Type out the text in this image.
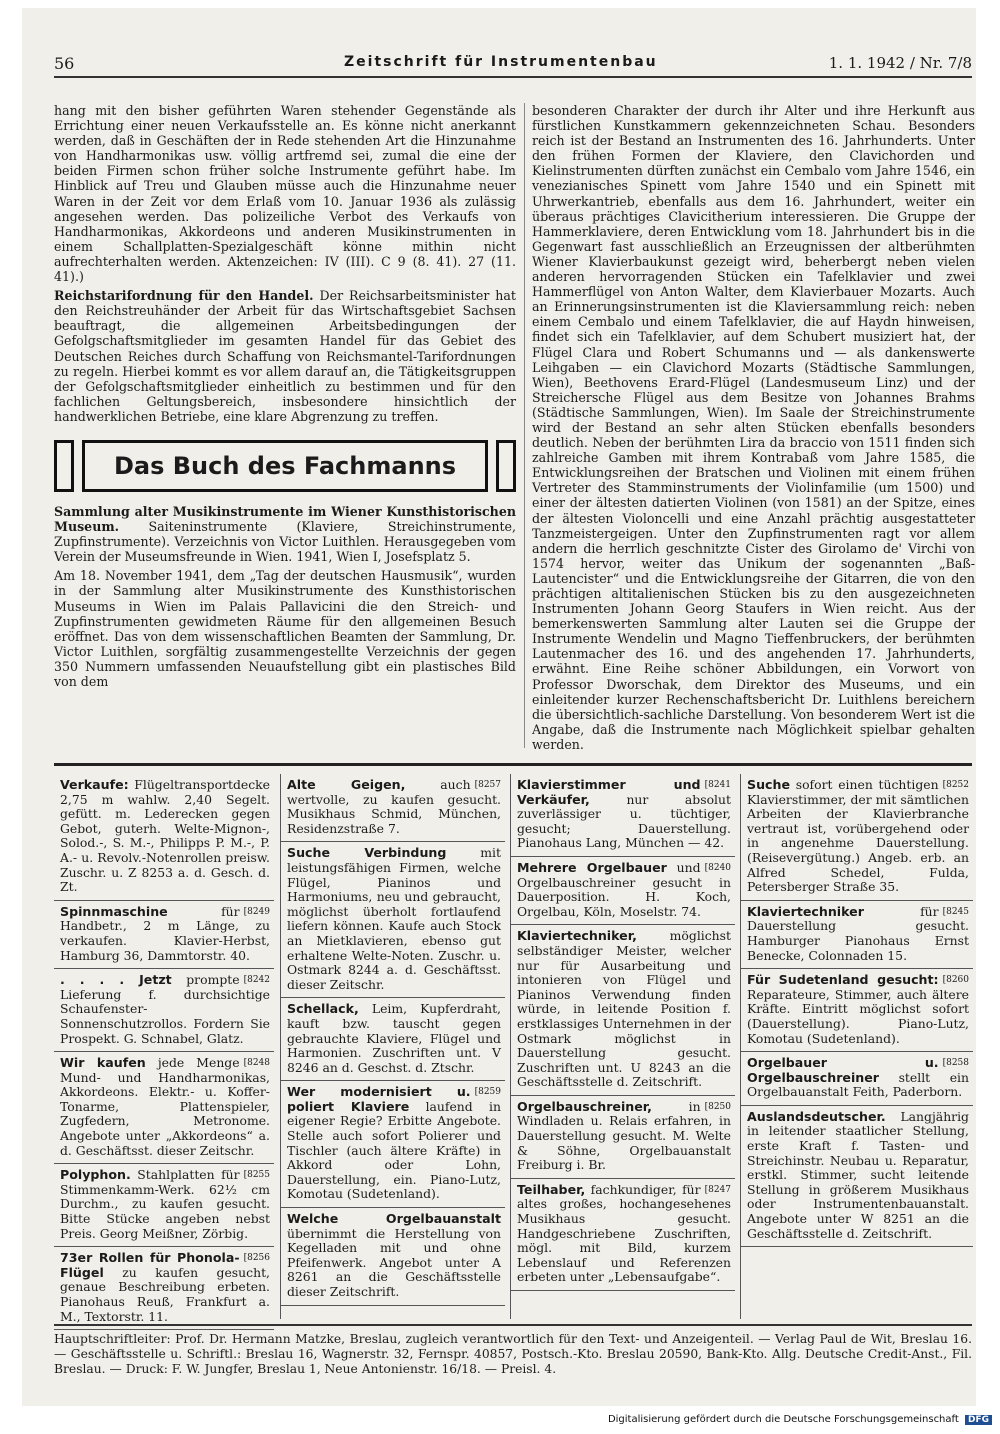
56	Zeitschrift für Instrumentenbau	1. 1. 1942 / Nr. 7/8

hang mit den bisher geführten Waren stehender Gegenstände als Errichtung einer neuen Verkaufsstelle an. Es könne nicht anerkannt werden, daß in Geschäften der in Rede stehenden Art die Hinzunahme von Handharmonikas usw. völlig artfremd sei, zumal die eine der beiden Firmen schon früher solche Instrumente geführt habe. Im Hinblick auf Treu und Glauben müsse auch die Hinzunahme neuer Waren in der Zeit vor dem Erlaß vom 10. Januar 1936 als zulässig angesehen werden. Das polizeiliche Verbot des Verkaufs von Handharmonikas, Akkordeons und anderen Musikinstrumenten in einem Schallplatten-Spezialgeschäft könne mithin nicht aufrechterhalten werden. Aktenzeichen: IV (III). C 9 (8. 41). 27 (11. 41).)

Reichstarifordnung für den Handel. Der Reichsarbeitsminister hat den Reichstreuhänder der Arbeit für das Wirtschaftsgebiet Sachsen beauftragt, die allgemeinen Arbeitsbedingungen der Gefolgschaftsmitglieder im gesamten Handel für das Gebiet des Deutschen Reiches durch Schaffung von Reichsmantel-Tarifordnungen zu regeln. Hierbei kommt es vor allem darauf an, die Tätigkeitsgruppen der Gefolgschaftsmitglieder einheitlich zu bestimmen und für den fachlichen Geltungsbereich, insbesondere hinsichtlich der handwerklichen Betriebe, eine klare Abgrenzung zu treffen.

Das Buch des Fachmanns

Sammlung alter Musikinstrumente im Wiener Kunsthistorischen Museum. Saiteninstrumente (Klaviere, Streichinstrumente, Zupfinstrumente). Verzeichnis von Victor Luithlen. Herausgegeben vom Verein der Museumsfreunde in Wien. 1941, Wien I, Josefsplatz 5.

Am 18. November 1941, dem „Tag der deutschen Hausmusik“, wurden in der Sammlung alter Musikinstrumente des Kunsthistorischen Museums in Wien im Palais Pallavicini die den Streich- und Zupfinstrumenten gewidmeten Räume für den allgemeinen Besuch eröffnet. Das von dem wissenschaftlichen Beamten der Sammlung, Dr. Victor Luithlen, sorgfältig zusammengestellte Verzeichnis der gegen 350 Nummern umfassenden Neuaufstellung gibt ein plastisches Bild von dem

besonderen Charakter der durch ihr Alter und ihre Herkunft aus fürstlichen Kunstkammern gekennzeichneten Schau. Besonders reich ist der Bestand an Instrumenten des 16. Jahrhunderts. Unter den frühen Formen der Klaviere, den Clavichorden und Kielinstrumenten dürften zunächst ein Cembalo vom Jahre 1546, ein venezianisches Spinett vom Jahre 1540 und ein Spinett mit Uhrwerkantrieb, ebenfalls aus dem 16. Jahrhundert, weiter ein überaus prächtiges Clavicitherium interessieren. Die Gruppe der Hammerklaviere, deren Entwicklung vom 18. Jahrhundert bis in die Gegenwart fast ausschließlich an Erzeugnissen der altberühmten Wiener Klavierbaukunst gezeigt wird, beherbergt neben vielen anderen hervorragenden Stücken ein Tafelklavier und zwei Hammerflügel von Anton Walter, dem Klavierbauer Mozarts. Auch an Erinnerungsinstrumenten ist die Klaviersammlung reich: neben einem Cembalo und einem Tafelklavier, die auf Haydn hinweisen, findet sich ein Tafelklavier, auf dem Schubert musiziert hat, der Flügel Clara und Robert Schumanns und — als dankenswerte Leihgaben — ein Clavichord Mozarts (Städtische Sammlungen, Wien), Beethovens Erard-Flügel (Landesmuseum Linz) und der Streichersche Flügel aus dem Besitze von Johannes Brahms (Städtische Sammlungen, Wien). Im Saale der Streichinstrumente wird der Bestand an sehr alten Stücken ebenfalls besonders deutlich. Neben der berühmten Lira da braccio von 1511 finden sich zahlreiche Gamben mit ihrem Kontrabaß vom Jahre 1585, die Entwicklungsreihen der Bratschen und Violinen mit einem frühen Vertreter des Stamminstruments der Violinfamilie (um 1500) und einer der ältesten datierten Violinen (von 1581) an der Spitze, eines der ältesten Violoncelli und eine Anzahl prächtig ausgestatteter Tanzmeistergeigen. Unter den Zupfinstrumenten ragt vor allem andern die herrlich geschnitzte Cister des Girolamo de' Virchi von 1574 hervor, weiter das Unikum der sogenannten „Baß-Lautencister“ und die Entwicklungsreihe der Gitarren, die von den prächtigen altitalienischen Stücken bis zu den ausgezeichneten Instrumenten Johann Georg Staufers in Wien reicht. Aus der bemerkenswerten Sammlung alter Lauten sei die Gruppe der Instrumente Wendelin und Magno Tieffenbruckers, der berühmten Lautenmacher des 16. und des angehenden 17. Jahrhunderts, erwähnt. Eine Reihe schöner Abbildungen, ein Vorwort von Professor Dworschak, dem Direktor des Museums, und ein einleitender kurzer Rechenschaftsbericht Dr. Luithlens bereichern die übersichtlich-sachliche Darstellung. Von besonderem Wert ist die Angabe, daß die Instrumente nach Möglichkeit spielbar gehalten werden.

Verkaufe: Flügeltransportdecke 2,75 m wahlw. 2,40 Segelt. gefütt. m. Lederecken gegen Gebot, guterh. Welte-Mignon-, Solod.-, S. M.-, Philipps P. M.-, P. A.- u. Revolv.-Notenrollen preisw. Zuschr. u. Z 8253 a. d. Gesch. d. Zt.
[8249
Spinnmaschine	für Handbetr., 2 m Länge, zu verkaufen. Klavier-Herbst, Hamburg 36, Dammtorstr. 40.
[8242
. . . . Jetzt prompte Lieferung f. durchsichtige Schaufenster-Sonnenschutzrollos. Fordern Sie Prospekt. G. Schnabel, Glatz.
[8248
Wir kaufen jede Menge Mund- und Handharmonikas, Akkordeons. Elektr.- u. Koffer-Tonarme, Plattenspieler, Zugfedern, Metronome. Angebote unter „Akkordeons“ a. d. Geschäftsst. dieser Zeitschr.
[8255
Polyphon. Stahlplatten für Stimmenkamm-Werk. 62½ cm Durchm., zu kaufen gesucht. Bitte Stücke angeben nebst Preis. Georg Meißner, Zörbig.
[8256
73er Rollen für Phonola-Flügel zu kaufen gesucht, genaue Beschreibung erbeten. Pianohaus Reuß, Frankfurt a. M., Textorstr. 11.
[8257
Alte Geigen,	auch wertvolle, zu kaufen gesucht. Musikhaus Schmid, München, Residenzstraße 7.
Suche Verbindung	mit leistungsfähigen Firmen, welche Flügel, Pianinos und Harmoniums, neu und gebraucht, möglichst überholt fortlaufend liefern können. Kaufe auch Stock an Mietklavieren, ebenso gut erhaltene Welte-Noten. Zuschr. u. Ostmark 8244 a. d. Geschäftsst. dieser Zeitschr.
Schellack, Leim, Kupferdraht, kauft bzw. tauscht gegen gebrauchte Klaviere, Flügel und Harmonien. Zuschriften unt. V 8246 an d. Geschst. d. Ztschr.
[8259
Wer modernisiert u. poliert Klaviere laufend in eigener Regie? Erbitte Angebote. Stelle auch sofort Polierer und Tischler (auch ältere Kräfte) in Akkord oder Lohn, Dauerstellung, ein. Piano-Lutz, Komotau (Sudetenland).
Welche Orgelbauanstalt übernimmt die Herstellung von Kegelladen mit und ohne Pfeifenwerk. Angebot unter A 8261 an die Geschäftsstelle dieser Zeitschrift.
[8241
Klavierstimmer und Verkäufer,	nur absolut zuverlässiger u. tüchtiger, gesucht; Dauerstellung. Pianohaus Lang, München — 42.
[8240
Mehrere Orgelbauer und Orgelbauschreiner gesucht in Dauerposition. H. Koch, Orgelbau, Köln, Moselstr. 74.
Klaviertechniker,	möglichst selbständiger Meister, welcher nur für Ausarbeitung und intonieren von Flügel und Pianinos Verwendung finden würde, in leitende Position f. erstklassiges Unternehmen in der Ostmark möglichst in Dauerstellung gesucht. Zuschriften unt. U 8243 an die Geschäftsstelle d. Zeitschrift.
[8250
Orgelbauschreiner,	in Windladen u. Relais erfahren, in Dauerstellung gesucht. M. Welte & Söhne, Orgelbauanstalt Freiburg i. Br.
[8247
Teilhaber, fachkundiger, für altes großes, hochangesehenes Musikhaus gesucht. Handgeschriebene Zuschriften, mögl. mit Bild, kurzem Lebenslauf und Referenzen erbeten unter „Lebensaufgabe“.
[8252
Suche sofort einen tüchtigen Klavierstimmer, der mit sämtlichen Arbeiten der Klavierbranche vertraut ist, vorübergehend oder in angenehme Dauerstellung. (Reisevergütung.) Angeb. erb. an Alfred Schedel, Fulda, Petersberger Straße 35.
[8245
Klaviertechniker	für Dauerstellung gesucht. Hamburger Pianohaus Ernst Benecke, Colonnaden 15.
[8260
Für Sudetenland gesucht: Reparateure, Stimmer, auch ältere Kräfte. Eintritt möglichst sofort (Dauerstellung). Piano-Lutz, Komotau (Sudetenland).
[8258
Orgelbauer u. Orgelbauschreiner stellt ein Orgelbauanstalt Feith, Paderborn.
Auslandsdeutscher. Langjährig in leitender staatlicher Stellung, erste Kraft f. Tasten- und Streichinstr. Neubau u. Reparatur, erstkl. Stimmer, sucht leitende Stellung in größerem Musikhaus oder Instrumentenbauanstalt. Angebote unter W 8251 an die Geschäftsstelle d. Zeitschrift.
Hauptschriftleiter: Prof. Dr. Hermann Matzke, Breslau, zugleich verantwortlich für den Text- und Anzeigenteil. — Verlag Paul de Wit, Breslau 16. — Geschäftsstelle u. Schriftl.: Breslau 16, Wagnerstr. 32, Fernspr. 40857, Postsch.-Kto. Breslau 20590, Bank-Kto. Allg. Deutsche Credit-Anst., Fil. Breslau. — Druck: F. W. Jungfer, Breslau 1, Neue Antonienstr. 16/18. — Preisl. 4.
Digitalisierung gefördert durch die Deutsche Forschungsgemeinschaft DFG
